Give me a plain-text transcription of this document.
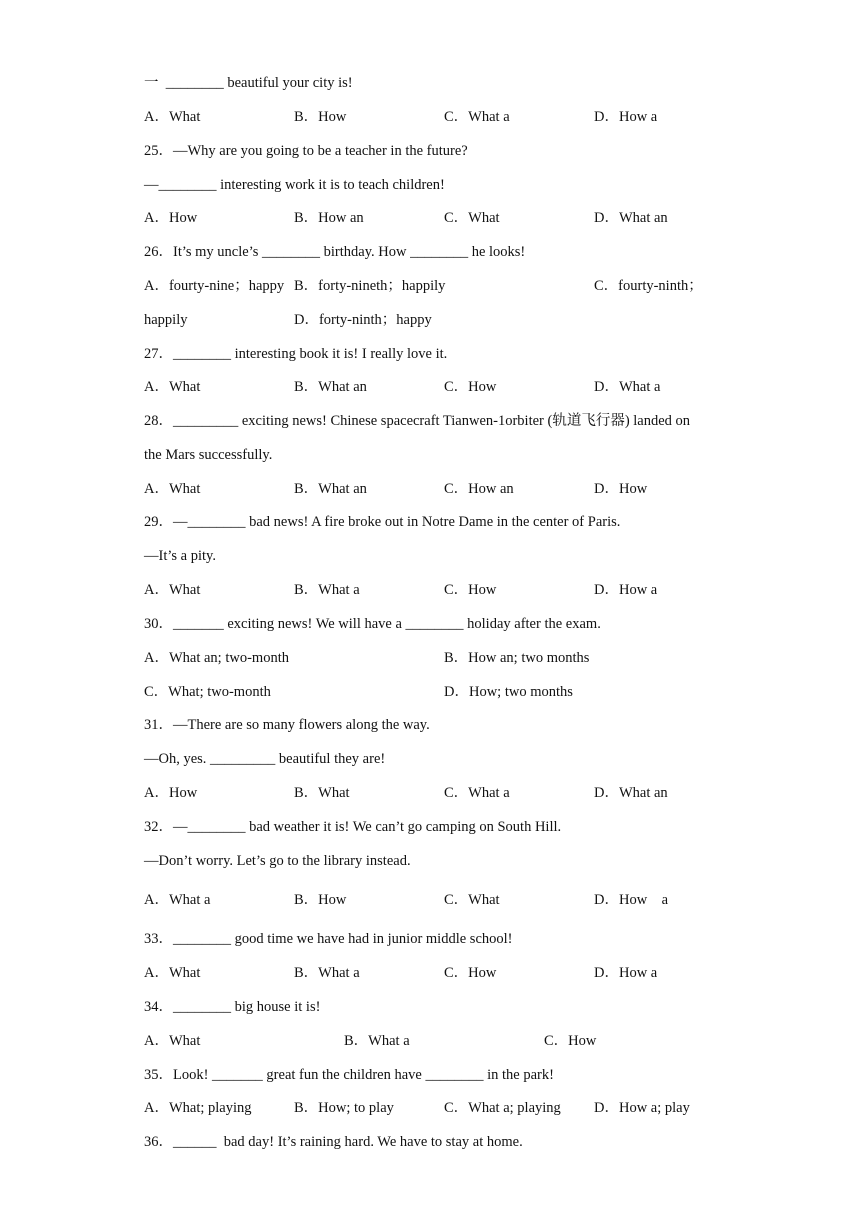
一  ________ beautiful your city is!
A．What	B．How	C．What a	D．How a
25．—Why are you going to be a teacher in the future?
—________ interesting work it is to teach children!
A．How	B．How an	C．What	D．What an
26．It’s my uncle’s ________ birthday. How ________ he looks!
A．fourty-nine；happy B．forty-nineth；happily	C．fourty-ninth；
happily	D．forty-ninth；happy
27．________ interesting book it is! I really love it.
A．What	B．What an	C．How	D．What a
28．_________ exciting news! Chinese spacecraft Tianwen-1orbiter (轨道飞行器) landed on
the Mars successfully.
A．What	B．What an	C．How an	D．How
29．—________ bad news! A fire broke out in Notre Dame in the center of Paris.
—It’s a pity.
A．What	B．What a	C．How	D．How a
30．_______ exciting news! We will have a ________ holiday after the exam.
A．What an; two-month	B．How an; two months
C．What; two-month	D．How; two months
31．—There are so many flowers along the way.
—Oh, yes. _________ beautiful they are!
A．How	B．What	C．What a	D．What an
32．—________ bad weather it is! We can’t go camping on South Hill.
—Don’t worry. Let’s go to the library instead.
A．What a	B．How	C．What	D．How    a
33．________ good time we have had in junior middle school!
A．What	B．What a	C．How	D．How a
34．________ big house it is!
A．What	B．What a	C．How
35．Look! _______ great fun the children have ________ in the park!
A．What; playing	B．How; to play	C．What a; playing D．How a; play
36．______  bad day! It’s raining hard. We have to stay at home.
